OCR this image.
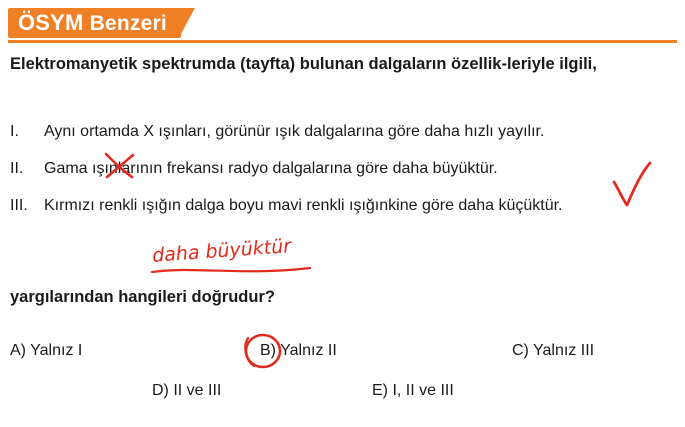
ÖSYM Benzeri
Elektromanyetik spektrumda (tayfta) bulunan dalgaların özellik-leriyle ilgili,
I.	Aynı ortamda X ışınları, görünür ışık dalgalarına göre daha hızlı yayılır.
II.	Gama ışınlarının frekansı radyo dalgalarına göre daha büyüktür.
III.	Kırmızı renkli ışığın dalga boyu mavi renkli ışığınkine göre daha küçüktür.
yargılarından hangileri doğrudur?
A) Yalnız I	B) Yalnız II	C) Yalnız III
D) II ve III	E) I, II ve III
daha büyüktür
